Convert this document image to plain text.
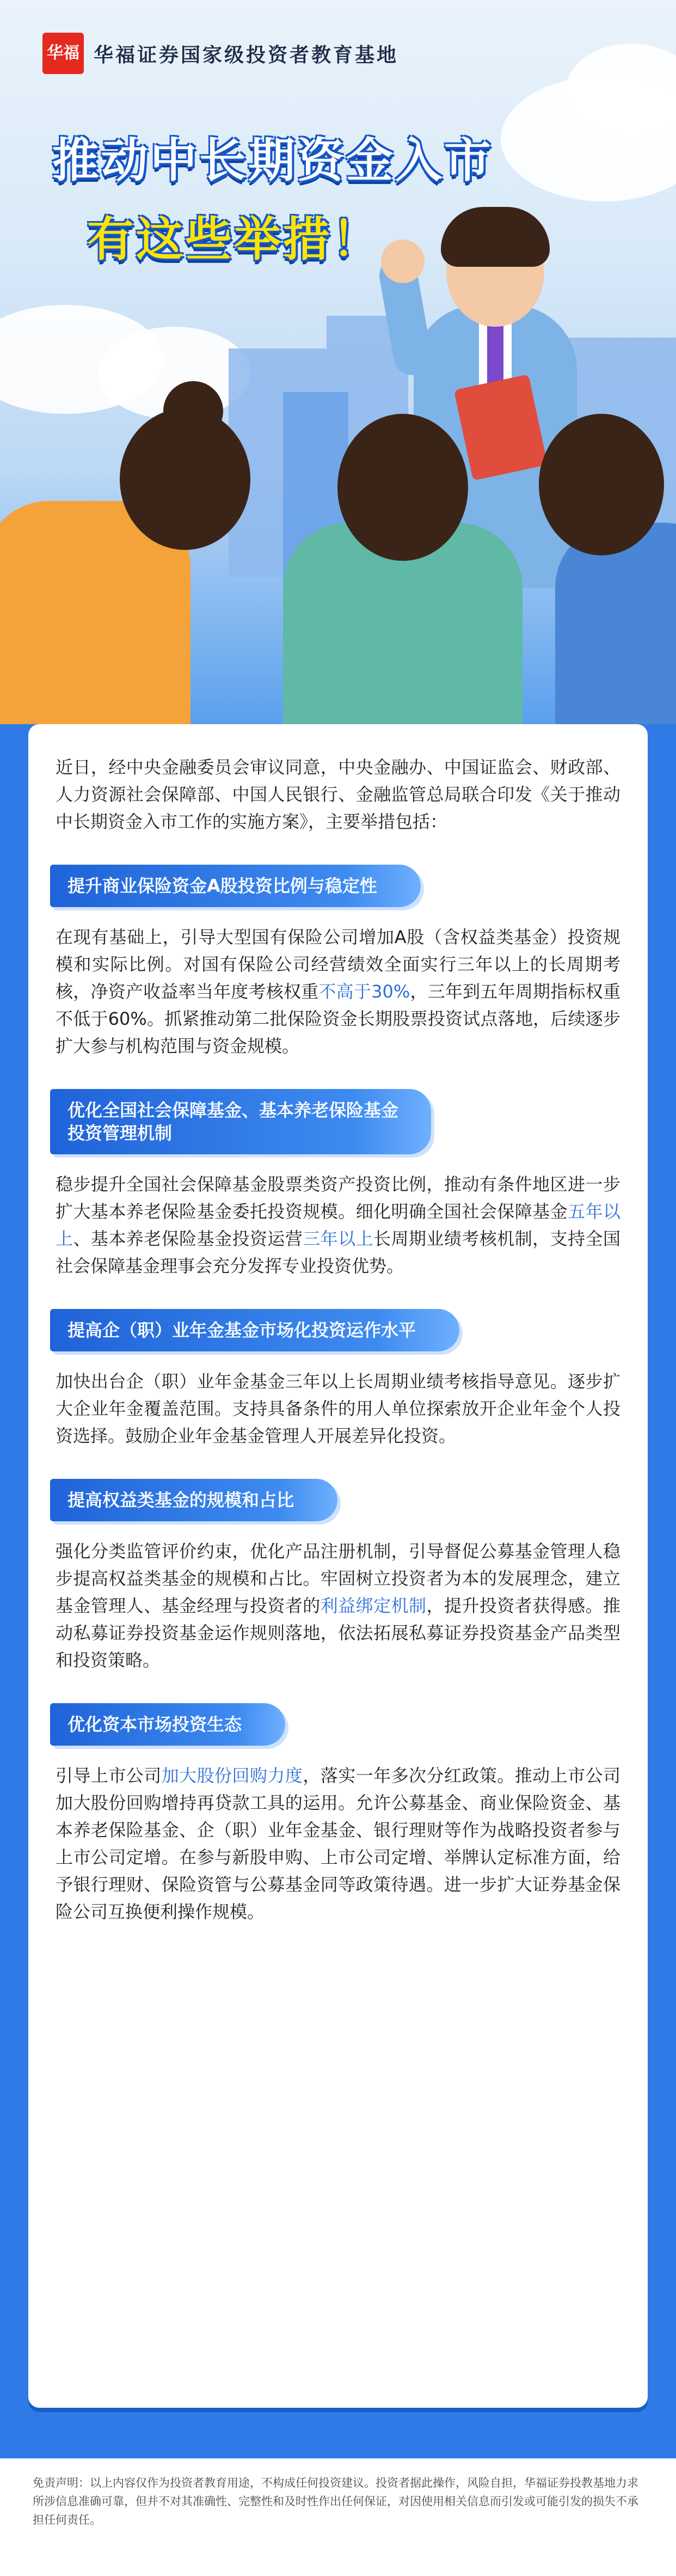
华福 华福证券国家级投资者教育基地
推动中长期资金入市
有这些举措！

近日，经中央金融委员会审议同意，中央金融办、中国证监会、财政部、人力资源社会保障部、中国人民银行、金融监管总局联合印发《关于推动中长期资金入市工作的实施方案》，主要举措包括：

提升商业保险资金A股投资比例与稳定性

在现有基础上，引导大型国有保险公司增加A股（含权益类基金）投资规模和实际比例。对国有保险公司经营绩效全面实行三年以上的长周期考核，净资产收益率当年度考核权重不高于30%，三年到五年周期指标权重不低于60%。抓紧推动第二批保险资金长期股票投资试点落地，后续逐步扩大参与机构范围与资金规模。

优化全国社会保障基金、基本养老保险基金
投资管理机制

稳步提升全国社会保障基金股票类资产投资比例，推动有条件地区进一步扩大基本养老保险基金委托投资规模。细化明确全国社会保障基金五年以上、基本养老保险基金投资运营三年以上长周期业绩考核机制，支持全国社会保障基金理事会充分发挥专业投资优势。

提高企（职）业年金基金市场化投资运作水平

加快出台企（职）业年金基金三年以上长周期业绩考核指导意见。逐步扩大企业年金覆盖范围。支持具备条件的用人单位探索放开企业年金个人投资选择。鼓励企业年金基金管理人开展差异化投资。

提高权益类基金的规模和占比

强化分类监管评价约束，优化产品注册机制，引导督促公募基金管理人稳步提高权益类基金的规模和占比。牢固树立投资者为本的发展理念，建立基金管理人、基金经理与投资者的利益绑定机制，提升投资者获得感。推动私募证券投资基金运作规则落地，依法拓展私募证券投资基金产品类型和投资策略。

优化资本市场投资生态

引导上市公司加大股份回购力度，落实一年多次分红政策。推动上市公司加大股份回购增持再贷款工具的运用。允许公募基金、商业保险资金、基本养老保险基金、企（职）业年金基金、银行理财等作为战略投资者参与上市公司定增。在参与新股申购、上市公司定增、举牌认定标准方面，给予银行理财、保险资管与公募基金同等政策待遇。进一步扩大证券基金保险公司互换便利操作规模。

免责声明：以上内容仅作为投资者教育用途，不构成任何投资建议。投资者据此操作，风险自担，华福证券投教基地力求所涉信息准确可靠，但并不对其准确性、完整性和及时性作出任何保证，对因使用相关信息而引发或可能引发的损失不承担任何责任。
